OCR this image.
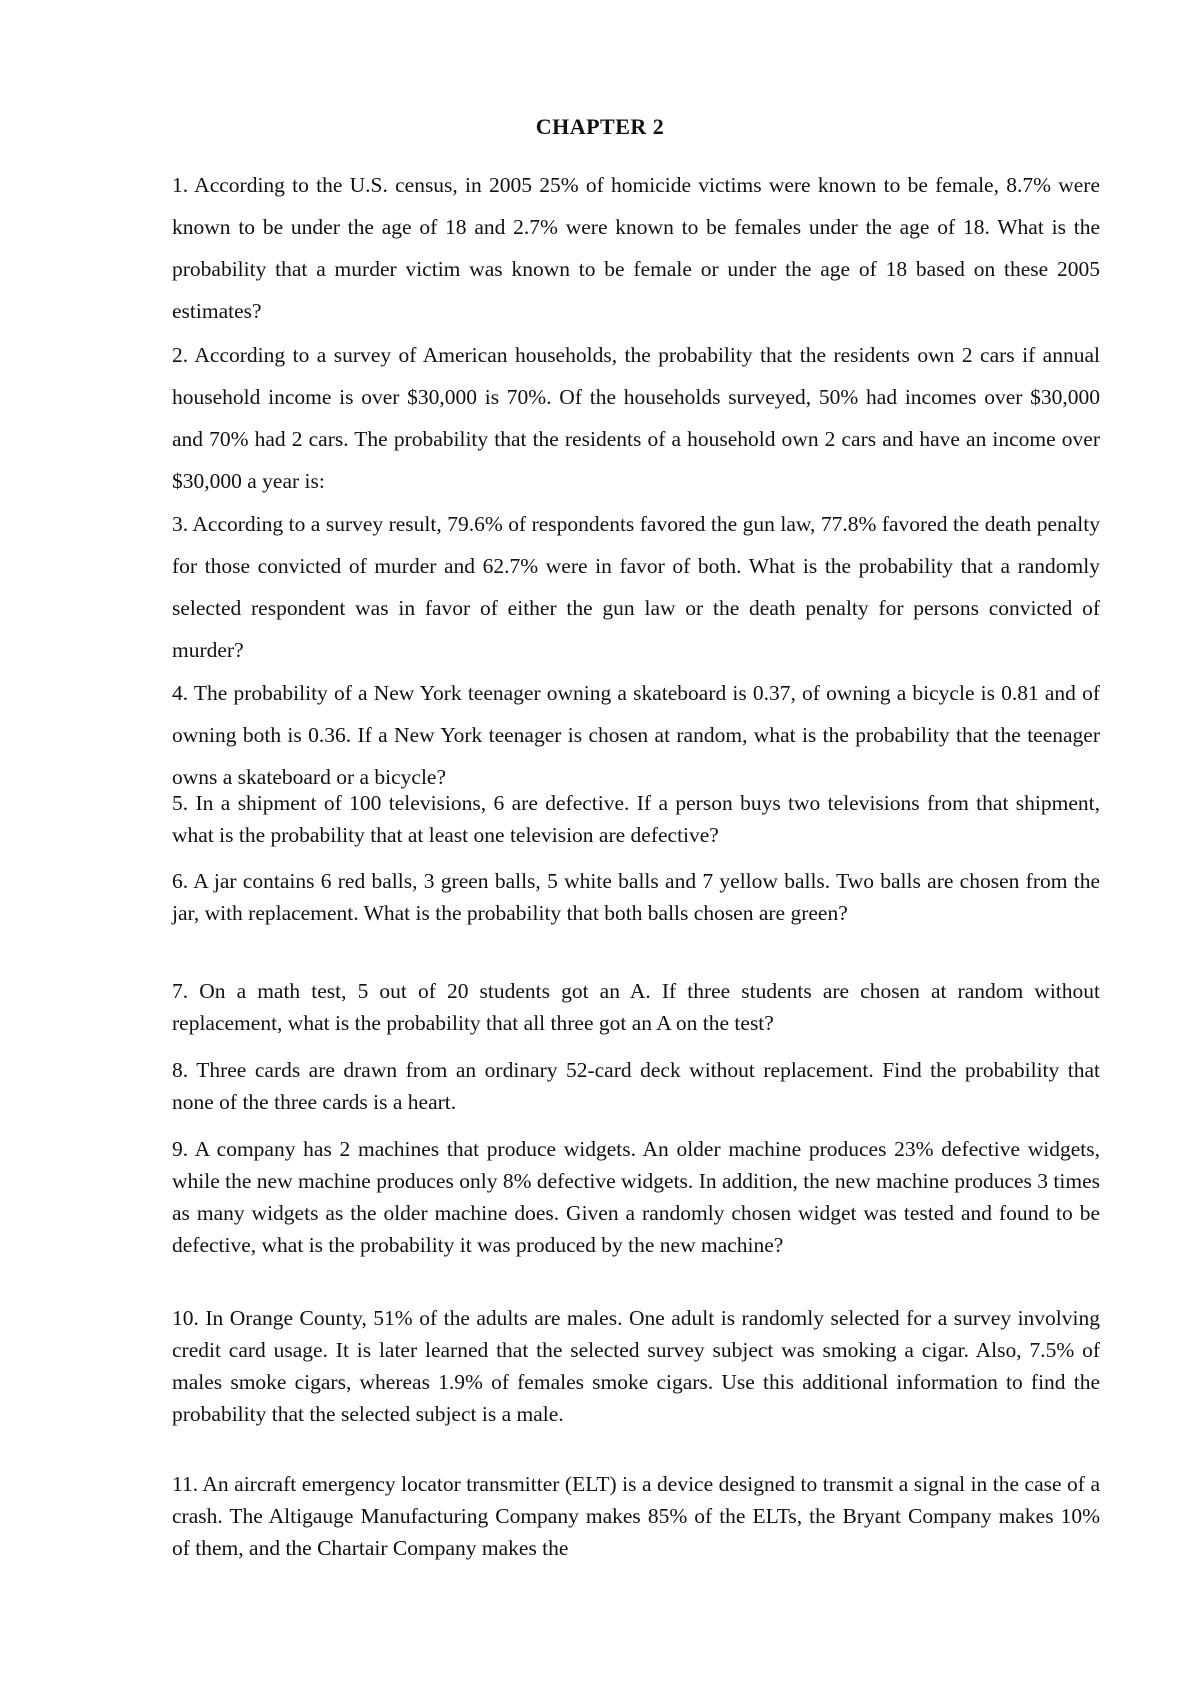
CHAPTER 2

1. According to the U.S. census, in 2005 25% of homicide victims were known to be female, 8.7% were known to be under the age of 18 and 2.7% were known to be females under the age of 18. What is the probability that a murder victim was known to be female or under the age of 18 based on these 2005 estimates?

2. According to a survey of American households, the probability that the residents own 2 cars if annual household income is over $30,000 is 70%. Of the households surveyed, 50% had incomes over $30,000 and 70% had 2 cars. The probability that the residents of a household own 2 cars and have an income over $30,000 a year is:

3. According to a survey result, 79.6% of respondents favored the gun law, 77.8% favored the death penalty for those convicted of murder and 62.7% were in favor of both. What is the probability that a randomly selected respondent was in favor of either the gun law or the death penalty for persons convicted of murder?

4. The probability of a New York teenager owning a skateboard is 0.37, of owning a bicycle is 0.81 and of owning both is 0.36. If a New York teenager is chosen at random, what is the probability that the teenager owns a skateboard or a bicycle?

5. In a shipment of 100 televisions, 6 are defective. If a person buys two televisions from that shipment, what is the probability that at least one television are defective?

6. A jar contains 6 red balls, 3 green balls, 5 white balls and 7 yellow balls. Two balls are chosen from the jar, with replacement. What is the probability that both balls chosen are green?

7. On a math test, 5 out of 20 students got an A. If three students are chosen at random without replacement, what is the probability that all three got an A on the test?

8. Three cards are drawn from an ordinary 52-card deck without replacement. Find the probability that none of the three cards is a heart.

9. A company has 2 machines that produce widgets. An older machine produces 23% defective widgets, while the new machine produces only 8% defective widgets. In addition, the new machine produces 3 times as many widgets as the older machine does. Given a randomly chosen widget was tested and found to be defective, what is the probability it was produced by the new machine?

10. In Orange County, 51% of the adults are males. One adult is randomly selected for a survey involving credit card usage. It is later learned that the selected survey subject was smoking a cigar. Also, 7.5% of males smoke cigars, whereas 1.9% of females smoke cigars. Use this additional information to find the probability that the selected subject is a male.

11. An aircraft emergency locator transmitter (ELT) is a device designed to transmit a signal in the case of a crash. The Altigauge Manufacturing Company makes 85% of the ELTs, the Bryant Company makes 10% of them, and the Chartair Company makes the
